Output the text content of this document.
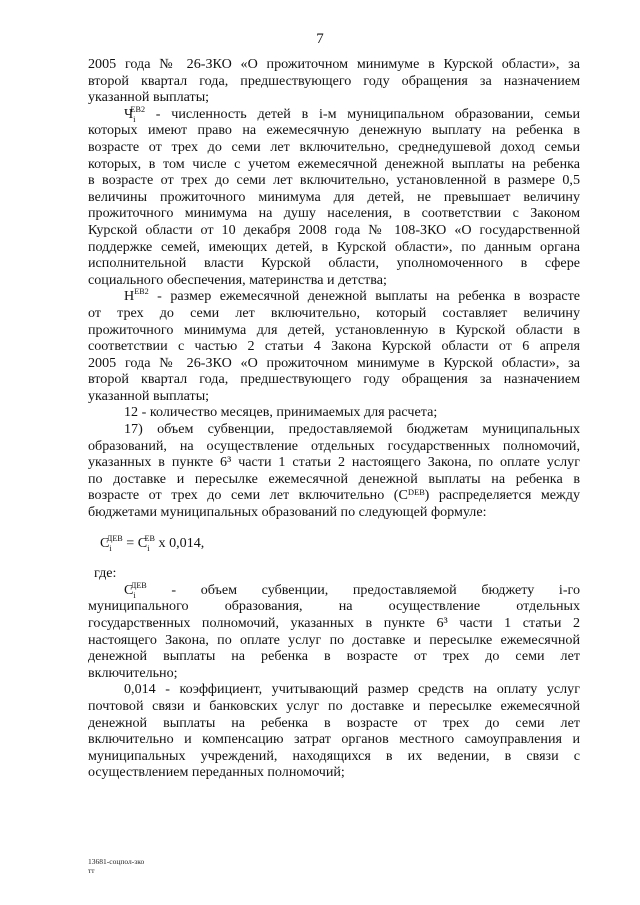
7
2005 года № 26-ЗКО «О прожиточном минимуме в Курской области», за
второй квартал года, предшествующего году обращения за назначением
указанной выплаты;
$Ч_i^{ЕВ2}$ - численность детей в i-м муниципальном образовании, семьи
которых имеют право на ежемесячную денежную выплату на ребенка в
возрасте от трех до семи лет включительно, среднедушевой доход семьи
которых, в том числе с учетом ежемесячной денежной выплаты на ребенка
в возрасте от трех до семи лет включительно, установленной в размере 0,5
величины прожиточного минимума для детей, не превышает величину
прожиточного минимума на душу населения, в соответствии с Законом
Курской области от 10 декабря 2008 года № 108-ЗКО «О государственной
поддержке семей, имеющих детей, в Курской области», по данным органа
исполнительной власти Курской области, уполномоченного в сфере
социального обеспечения, материнства и детства;
$Н^{ЕВ2}$ - размер ежемесячной денежной выплаты на ребенка в возрасте
от трех до семи лет включительно, который составляет величину
прожиточного минимума для детей, установленную в Курской области в
соответствии с частью 2 статьи 4 Закона Курской области от 6 апреля
2005 года № 26-ЗКО «О прожиточном минимуме в Курской области», за
второй квартал года, предшествующего году обращения за назначением
указанной выплаты;
12 - количество месяцев, принимаемых для расчета;
17) объем субвенции, предоставляемой бюджетам муниципальных
образований, на осуществление отдельных государственных полномочий,
указанных в пункте 6³ части 1 статьи 2 настоящего Закона, по оплате услуг
по доставке и пересылке ежемесячной денежной выплаты на ребенка в
возрасте от трех до семи лет включительно (Сᴰᴱᴮ) распределяется между
бюджетами муниципальных образований по следующей формуле:
$С_i^{ДЕВ} = С_i^{ЕВ}$ х 0,014,
где:
$С_i^{ДЕВ}$ - объем субвенции, предоставляемой бюджету i-го
муниципального образования, на осуществление отдельных
государственных полномочий, указанных в пункте 6³ части 1 статьи 2
настоящего Закона, по оплате услуг по доставке и пересылке ежемесячной
денежной выплаты на ребенка в возрасте от трех до семи лет
включительно;
0,014 - коэффициент, учитывающий размер средств на оплату услуг
почтовой связи и банковских услуг по доставке и пересылке ежемесячной
денежной выплаты на ребенка в возрасте от трех до семи лет
включительно и компенсацию затрат органов местного самоуправления и
муниципальных учреждений, находящихся в их ведении, в связи с
осуществлением переданных полномочий;
13681-соцпол-зко
тт
